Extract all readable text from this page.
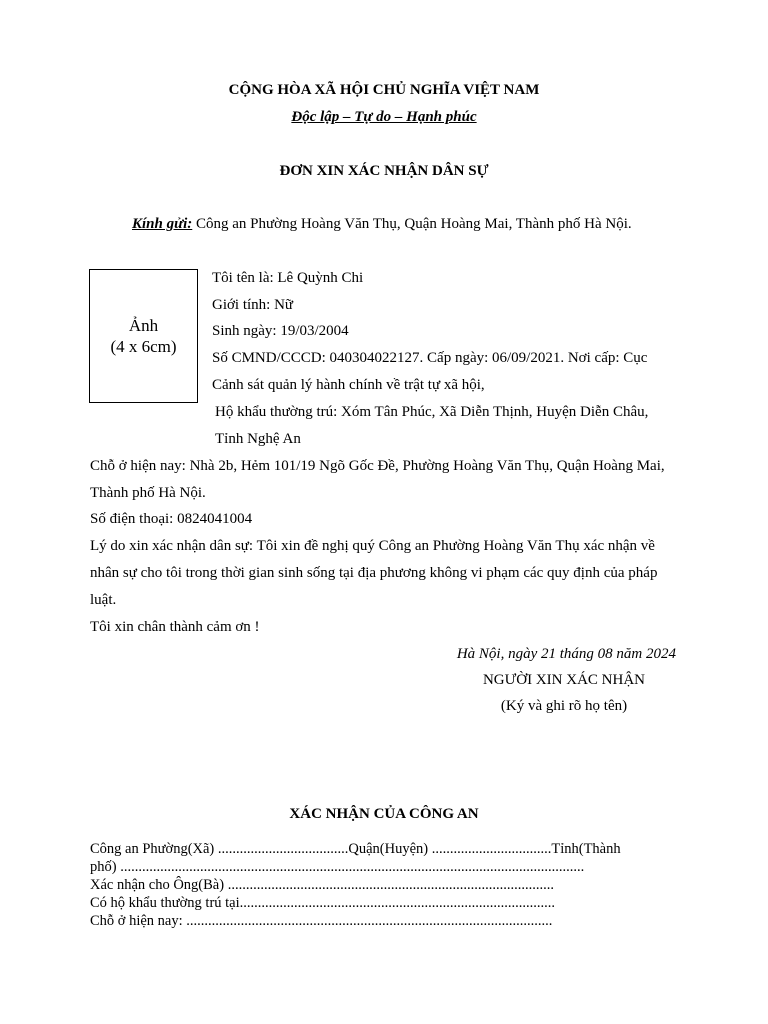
CỘNG HÒA XÃ HỘI CHỦ NGHĨA VIỆT NAM
Độc lập – Tự do – Hạnh phúc
ĐƠN XIN XÁC NHẬN DÂN SỰ
Kính gửi: Công an Phường Hoàng Văn Thụ, Quận Hoàng Mai, Thành phố Hà Nội.
Ảnh
(4 x 6cm)
Tôi tên là: Lê Quỳnh Chi
Giới tính: Nữ
Sinh ngày: 19/03/2004
Số CMND/CCCD: 040304022127. Cấp ngày: 06/09/2021. Nơi cấp: Cục
Cảnh sát quản lý hành chính về trật tự xã hội,
Hộ khẩu thường trú: Xóm Tân Phúc, Xã Diễn Thịnh, Huyện Diễn Châu,
Tỉnh Nghệ An
Chỗ ở hiện nay: Nhà 2b, Hẻm 101/19 Ngõ Gốc Đề, Phường Hoàng Văn Thụ, Quận Hoàng Mai,
Thành phố Hà Nội.
Số điện thoại: 0824041004
Lý do xin xác nhận dân sự: Tôi xin đề nghị quý Công an Phường Hoàng Văn Thụ xác nhận về
nhân sự cho tôi trong thời gian sinh sống tại địa phương không vi phạm các quy định của pháp
luật.
Tôi xin chân thành cảm ơn !
Hà Nội, ngày 21 tháng 08 năm 2024
NGƯỜI XIN XÁC NHẬN
(Ký và ghi rõ họ tên)
XÁC NHẬN CỦA CÔNG AN
Công an Phường(Xã) ....................................Quận(Huyện) .................................Tỉnh(Thành
phố) ................................................................................................................................
Xác nhận cho Ông(Bà) ..........................................................................................
Có hộ khẩu thường trú tại.......................................................................................
Chỗ ở hiện nay: .....................................................................................................
